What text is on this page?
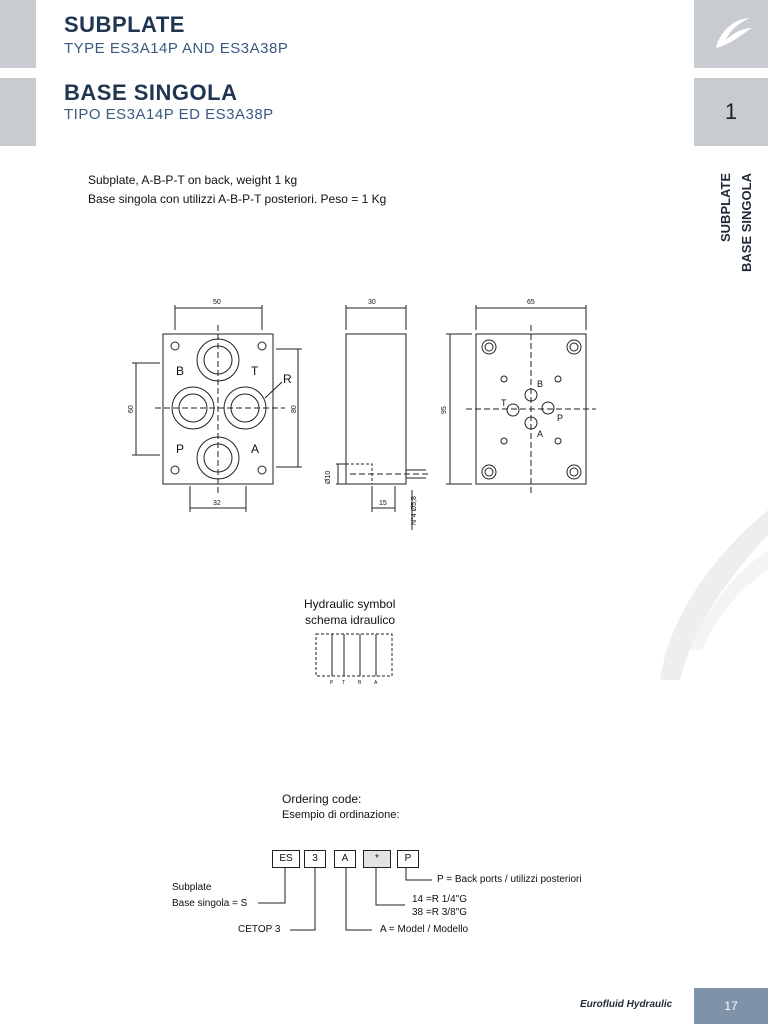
SUBPLATE
TYPE ES3A14P AND ES3A38P
BASE SINGOLA
TIPO ES3A14P ED ES3A38P	1
SUBPLATE BASE SINGOLA
Subplate, A-B-P-T on back, weight 1 kg
Base singola con utilizzi A-B-P-T posteriori. Peso = 1 Kg
50
32
60	80
30
15
Ø10
N°4 Ø5,8
65
95
B	T
R
P	A
B
T
P
A
Hydraulic symbol
schema idraulico
P T	B	A
Ordering code:
Esempio di ordinazione:
ES	3	A	*	P
P = Back ports / utilizzi posteriori
14 =R 1/4"G
38 =R 3/8"G
Subplate
Base singola = S
CETOP 3	A = Model / Modello
Eurofluid Hydraulic	17
